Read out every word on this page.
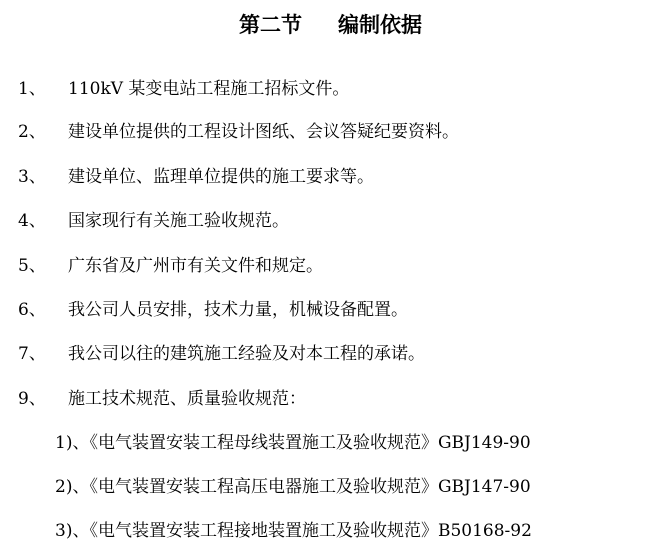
第二节 编制依据
1、 110kV 某变电站工程施工招标文件。
2、 建设单位提供的工程设计图纸、会议答疑纪要资料。
3、 建设单位、监理单位提供的施工要求等。
4、 国家现行有关施工验收规范。
5、 广东省及广州市有关文件和规定。
6、 我公司人员安排，技术力量，机械设备配置。
7、 我公司以往的建筑施工经验及对本工程的承诺。
9、 施工技术规范、质量验收规范：
1)、《电气装置安装工程母线装置施工及验收规范》GBJ149-90
2)、《电气装置安装工程高压电器施工及验收规范》GBJ147-90
3)、《电气装置安装工程接地装置施工及验收规范》B50168-92
